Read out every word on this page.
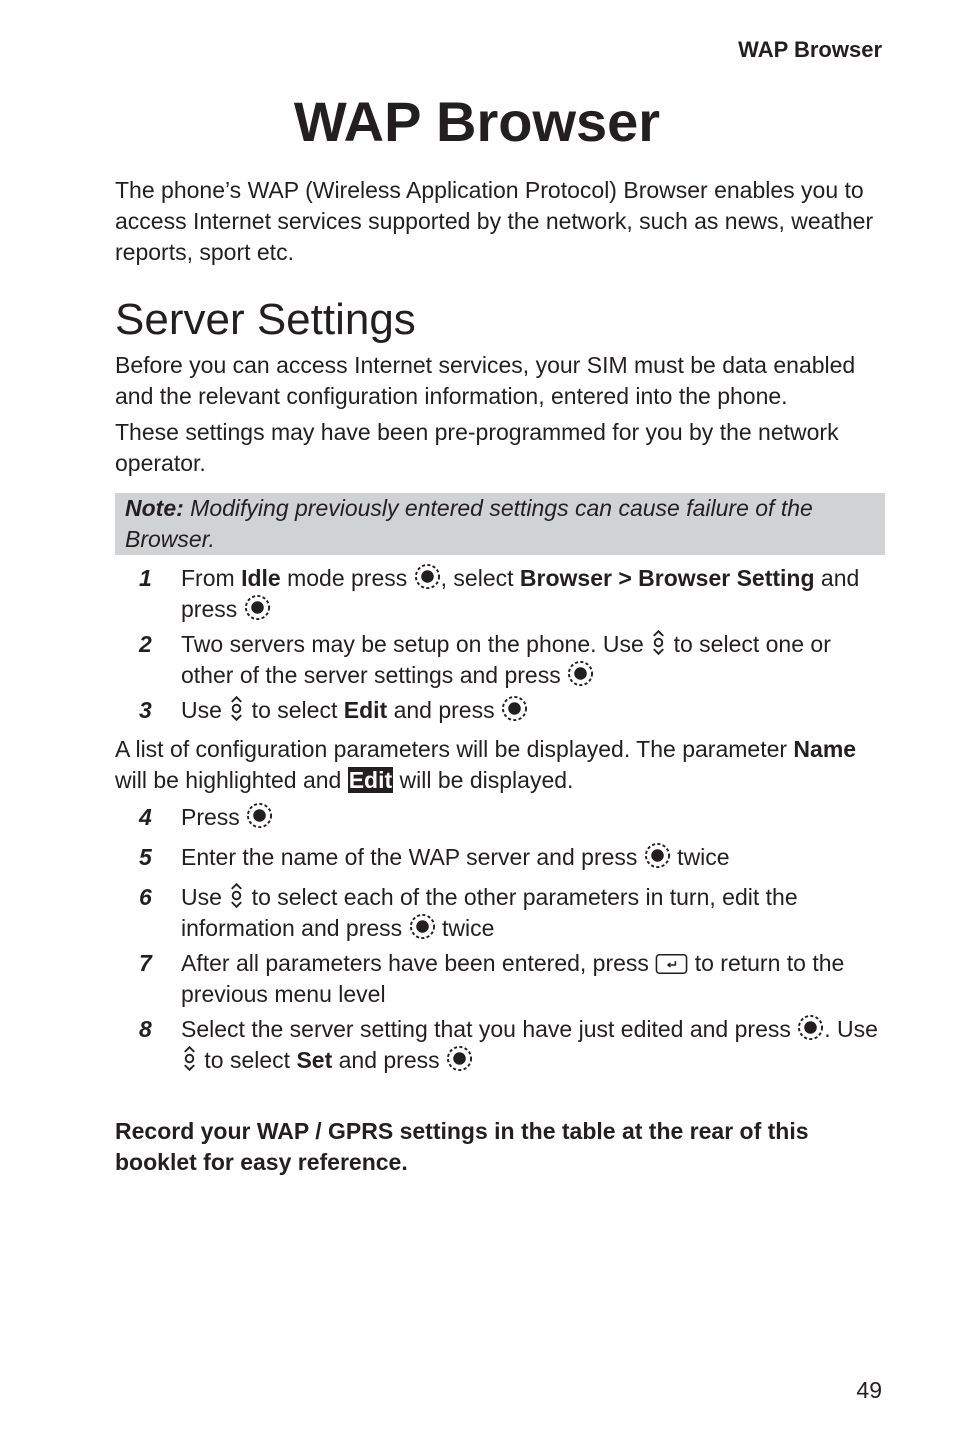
WAP Browser
WAP Browser

The phone’s WAP (Wireless Application Protocol) Browser enables you to access Internet services supported by the network, such as news, weather reports, sport etc.

Server Settings

Before you can access Internet services, your SIM must be data enabled and the relevant configuration information, entered into the phone.

These settings may have been pre-programmed for you by the network operator.

Note: Modifying previously entered settings can cause failure of the Browser.
1	From Idle mode press , select Browser > Browser Setting and press
2	Two servers may be setup on the phone. Use  to select one or other of the server settings and press
3	Use  to select Edit and press

A list of configuration parameters will be displayed. The parameter Name will be highlighted and Edit will be displayed.

4	Press
5	Enter the name of the WAP server and press  twice
6	Use  to select each of the other parameters in turn, edit the information and press  twice
7	After all parameters have been entered, press  to return to the previous menu level
8	Select the server setting that you have just edited and press . Use  to select Set and press

Record your WAP / GPRS settings in the table at the rear of this booklet for easy reference.

49
